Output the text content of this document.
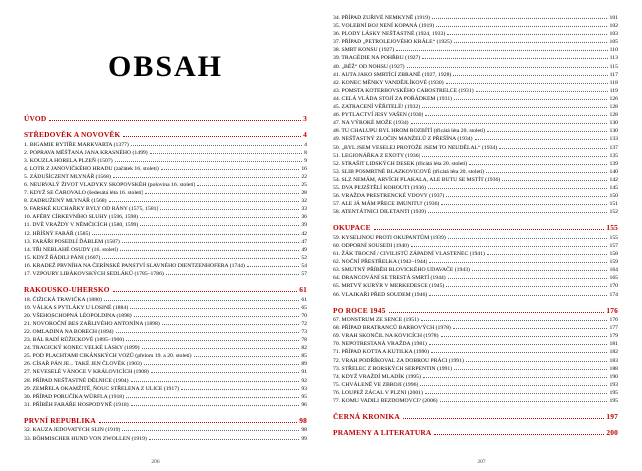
OBSAH
ÚVOD	3
STŘEDOVĚK A NOVOVĚK	4
1. BIGAMIE BYTÍŘE MARKVARTA (1377)	4
2. POPRAVA MĚŠŤANA JANA KRASNÉHO (1499)	8
3. KOUZLA HORELA PLZEŇ (1507)	9
4. LOTR Z JANOVIČKÉHO HRADU (začátek 16. století)	16
5. ZÁDUŠÍCZENT MLYNÁŘ (1568)	22
6. NEURVALÝ ŽIVOT VLADYKY SKOPOVSKÉH (polovina 16. století)	25
7. KDYŽ SE ČAROVALO (šedesátá léta 16. století)	28
8. ZADRUŽENÝ MLYNÁŘ (1568)	32
9. FARSKÉ KUCHAŘKY BYLY OD RÁNY (1575, 1581)	33
10. AFÉRY CÍRKEVNÍHO SLUHY (1596, 1598)	36
11. DVĚ VRAŽDY V NĚMČICÍCH (1580, 1599)	39
12. HŘÍŠNÝ FARÁŘ (1585)	42
13. FARÁŘI POSEDLÍ ĎÁBLEM (1587)	47
14. TŘI NEBLAHÉ OSUDY (16. století)	49
15. KDYŽ ŘÁDILI PÁNI (1607)	52
16. KRADEŽ PRVNÍHA NA ČERÍNSKÉ PANSTVÍ SLAVNÉHO DIENTZENHOFERA (1744)	54
17. VZPOURY LIBÁKOVSKÝCH SEDLÁKŮ (1785–1786)	57
RAKOUSKO-UHERSKO	61
18. ČIŽICKÁ TRAVIČKA (1880)	61
19. VÁLKA S PYTLÁKY U LOSINÉ (1884)	65
20. VŠEHOSCHOPNÁ LÉOPOLDINA (1898)	70
21. NOVOROČNÍ BES ZAŘLIVÉHO ANTONÍNA (1898)	72
22. OMLADINA NA BORECH (1894)	73
23. BÁL RADÍ RŮŽICKOVÉ (1895–1900)	78
24. TRAGICKÝ KONEC VELKÉ LÁSKY (1899)	82
25. POD PLACHTAMI CIKÁNSKÝCH VOZŮ (přelom 19. a 20. století)	85
26. CÍSAŘ PÁN JE... TAKÉ JEN ČLOVĚK (1903)	89
27. NEVESELÉ VÁNOCE V KRÁLOVICÍCH (1908)	91
28. PŘÍPAD NEŠŤASTNÉ DĚLNICE (1904)	92
29. ZEMŘELA OKAMŽITĚ, ŇOUC STŘELENA Z ULICE (1917)	93
30. PŘÍPAD PORUČÍKA WÜRFLA (1918)	95
31. PŘÍBĚH FARÁŘE HOSPODYNĚ (1918)	96
PRVNÍ REPUBLIKA	98
32. KAUZA JEDOVATÝCH SLIN (1919)	98
33. BÖHMISCHER HUND VON ZWOLLEN (1919)	99
206
34. PŘÍPAD ZUŘIVÉ NEMKYNĚ (1919)	101
35. VOLEBNÍ BOJ NENÍ KOPANÁ (1919)	102
36. PLODY LÁSKY NEŠŤASTNÉ (1924, 1933)	103
37. PŘÍPAD „PETROLEJOVÉHO KRÁLE“ (1925)	105
38. SMRT KONSU (1927)	110
39. TRAGÉDIE NA POHŘBU (1927)	113
40. „BĚŽ“ OD NOHSU (1927)	115
41. AUTA JAKO SMRTÍCÍ ZBRANĚ (1927, 1928)	117
42. KONEC MĚNKY VANDĚJLÍKOVÉ (1930)	118
43. POMSTA KOTERBOVSKÉHO CABOSTRELCE (1931)	119
44. CELÁ VLÁDA STOJÍ ZA POŘÁDKEM (1931)	126
45. ZATRACENÍ VĚŘITELÉ! (1932)	128
46. PYTLACTVÍ JESY VAŠEN (1930)	128
47. NA VÝROKÉ MOŽE (1934)	130
48. TU CHALUPU BYL HROM ROZBÍTÍ (třicátá léta 20. století)	130
49. NEŠŤASTNÝ ZLOČIN MANŽELŮ Z PŘEŠÍNA (1934)	133
50. „BYL JSEM VESELEJ PROTOŽE JSEM TO NEUDĚLAL“ (1934)	137
51. LEGIONÁŘKA Z EXOTY (1936)	135
52. STRAŠIT LIDSKÝCH DESEK (třicátá léta 20. století)	139
53. SLIB POSMRTNÉ BLAZKOVICOVÉ (třicátá léta 20. století)	140
54. SLZ NEMÁM, ARVÍCH PLAKALA, ALE BUTU SE MSTÍT (1936)	142
55. DVA PEJZŠTĚLÍ KOHOUTI (1936)	145
56. VRAŽDA PRESTRENCKÉ VDOVY (1937)	150
57. ALE JÁ MÁM PŘECE IMUNITU! (1936)	151
58. ATENTÁTNICI DILETANTI (1939)	152
OKUPACE	155
59. KYSELINOU PROTI OKUPANTŮM (1939)	155
60. ODPORNÍ SOUSEDI (1940)	157
61. ŽÁK TROCNÍ / CIVILISTŮ ZÁPADNÍ VLASTENEC (1941)	158
62. NOČNÍ PŘESTŘELKA (1942–1944)	159
63. SMUTNÝ PŘÍBĚH BLOVICKÉHO UDAVAČE (1943)	164
64. DRANCOVÁNÍ SE TRESTÁ SMRTÍ (1944)	165
65. MRTVÝ KURÝR V MERKEDESCE (1945)	170
66. VLAJKAŘI PŘED SOUDEM (1946)	174
PO ROCE 1945	176
67. MONSTRUM ZE SENCE (1951)	176
68. PŘÍPAD BRATRANCŮ BARBOVÝCH (1978)	177
69. VRAH SKONČIL NA KOVICÍCH (1978)	179
70. NEPOTRESTANÁ VRAŽDA (1981)	181
71. PŘÍPAD KOTTA A KUTILKA (1990)	182
72. VRAH PODŘÍKOVAL ZA DOBROU PRÁCI (1991)	183
73. STŘELEC Z BORSKÝCH SERPENTIN (1991)	188
74. KDYŽ VRAŽDÍ MLADÍK (1995)	190
75. CHVÁLENĚ VE ZBROJI (1996)	193
76. LOUPEŽ ZÁCAL V PLZNI (2001)	195
77. KOMU VADILI BEZDOMOVCI? (2006)	195
ČERNÁ KRONIKA	197
PRAMENY A LITERATURA	200
207
